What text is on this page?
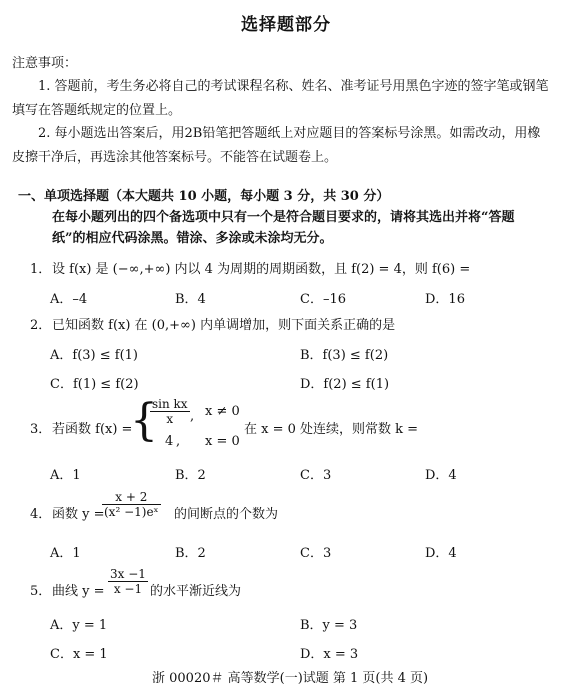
选择题部分
注意事项：
1. 答题前，考生务必将自己的考试课程名称、姓名、准考证号用黑色字迹的签字笔或钢笔
填写在答题纸规定的位置上。
2. 每小题选出答案后，用2B铅笔把答题纸上对应题目的答案标号涂黑。如需改动，用橡
皮擦干净后，再选涂其他答案标号。不能答在试题卷上。
一、单项选择题（本大题共 10 小题，每小题 3 分，共 30 分）
在每小题列出的四个备选项中只有一个是符合题目要求的，请将其选出并将“答题
纸”的相应代码涂黑。错涂、多涂或未涂均无分。
1． 设 f(x) 是 (−∞,+∞) 内以 4 为周期的周期函数，且 f(2) = 4，则 f(6) =
A．–4	B．4	C．–16	D．16
2． 已知函数 f(x) 在 (0,+∞) 内单调增加，则下面关系正确的是
A．f(3) ≤ f(1)	B．f(3) ≤ f(2)
C．f(1) ≤ f(2)	D．f(2) ≤ f(1)
3． 若函数 f(x) =
{
$\frac{\text{sin kx}}{x}$ , x ≠ 0
4 , x = 0
在 x = 0 处连续，则常数 k =
A．1	B．2	C．3	D．4
4． 函数 y =
$\frac{x + 2}{\text{(x² −1)eˣ}}$ 的间断点的个数为
A．1	B．2	C．3	D．4
5． 曲线 $y = \frac{3x -1}{x -1}$ 的水平渐近线为
A．y = 1	B．y = 3
C．x = 1	D．x = 3
浙 00020＃ 高等数学(一)试题 第 1 页(共 4 页)
